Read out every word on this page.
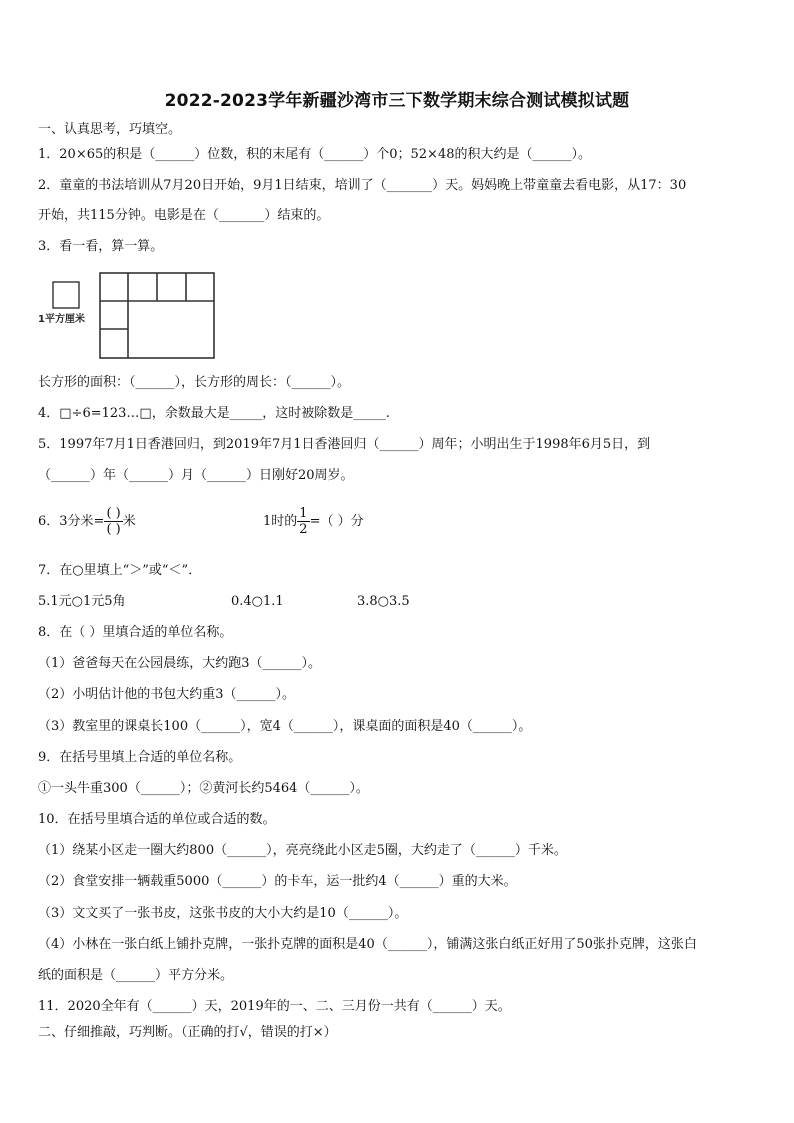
2022-2023学年新疆沙湾市三下数学期末综合测试模拟试题
一、认真思考，巧填空。
1．20×65的积是（______）位数，积的末尾有（______）个0；52×48的积大约是（______）。
2．童童的书法培训从7月20日开始，9月1日结束，培训了（_______）天。妈妈晚上带童童去看电影，从17：30
开始，共115分钟。电影是在（_______）结束的。
3．看一看，算一算。
1平方厘米
长方形的面积：（______），长方形的周长：（______）。
4．□÷6=123…□，余数最大是_____，这时被除数是_____.
5．1997年7月1日香港回归，到2019年7月1日香港回归（______）周年；小明出生于1998年6月5日，到
（______）年（______）月（______）日刚好20周岁。
6．3分米= $\frac{( )}{( )}$ 米	1时的 $\frac{1}{2}$ =（ ）分
7．在○里填上“＞”或“＜”．
5.1元○1元5角	0.4○1.1	3.8○3.5
8．在（ ）里填合适的单位名称。
（1）爸爸每天在公园晨练，大约跑3（______）。
（2）小明估计他的书包大约重3（______）。
（3）教室里的课桌长100（______），宽4（______），课桌面的面积是40（______）。
9．在括号里填上合适的单位名称。
①一头牛重300（______）；②黄河长约5464（______）。
10．在括号里填合适的单位或合适的数。
（1）绕某小区走一圈大约800（______），亮亮绕此小区走5圈，大约走了（______）千米。
（2）食堂安排一辆载重5000（______）的卡车，运一批约4（______）重的大米。
（3）文文买了一张书皮，这张书皮的大小大约是10（______）。
（4）小林在一张白纸上铺扑克牌，一张扑克牌的面积是40（______），铺满这张白纸正好用了50张扑克牌，这张白
纸的面积是（______）平方分米。
11．2020全年有（______）天，2019年的一、二、三月份一共有（______）天。
二、仔细推敲，巧判断。（正确的打√，错误的打×）
